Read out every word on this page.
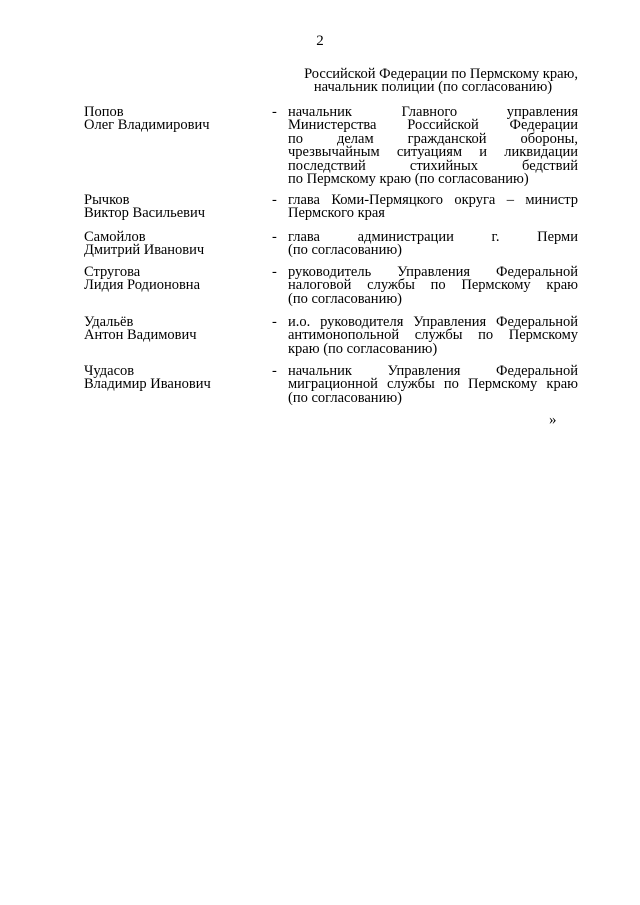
2
Российской Федерации по Пермскому краю,
начальник полиции (по согласованию)
Попов
Олег Владимирович
- начальник Главного управления
Министерства Российской Федерации
по делам гражданской обороны,
чрезвычайным ситуациям и ликвидации
последствий стихийных бедствий
по Пермскому краю (по согласованию)
Рычков
Виктор Васильевич
- глава Коми-Пермяцкого округа – министр
Пермского края
Самойлов
Дмитрий Иванович
- глава администрации г. Перми
(по согласованию)
Стругова
Лидия Родионовна
- руководитель Управления Федеральной
налоговой службы по Пермскому краю
(по согласованию)
Удальёв
Антон Вадимович
- и.о. руководителя Управления Федеральной
антимонопольной службы по Пермскому
краю (по согласованию)
Чудасов
Владимир Иванович
- начальник Управления Федеральной
миграционной службы по Пермскому краю
(по согласованию)
»
